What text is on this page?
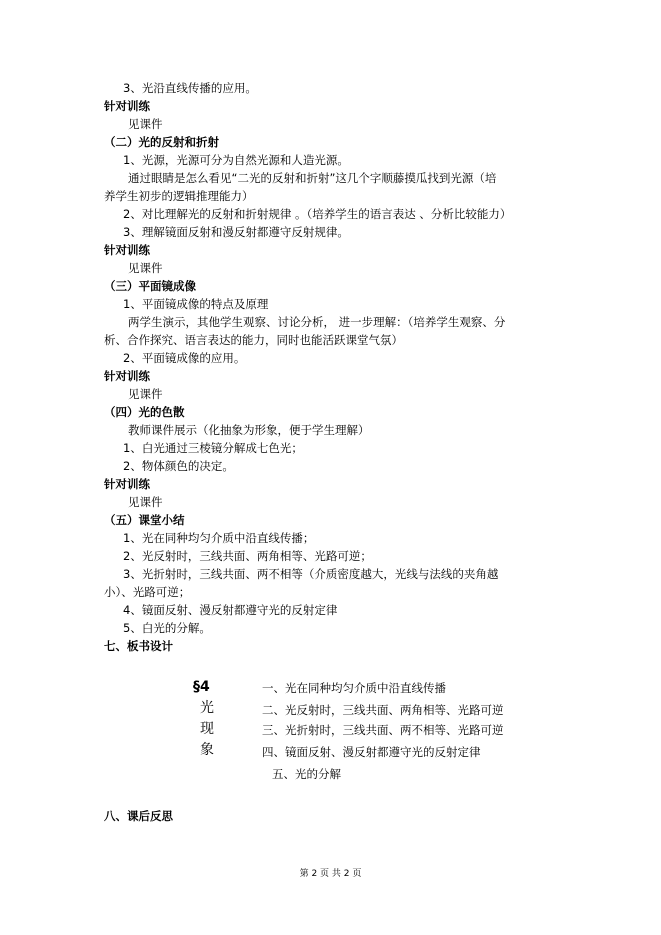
3、光沿直线传播的应用。
针对训练
见课件
（二）光的反射和折射
1、光源，光源可分为自然光源和人造光源。
通过眼睛是怎么看见“二光的反射和折射”这几个字顺藤摸瓜找到光源（培
养学生初步的逻辑推理能力）
2、对比理解光的反射和折射规律 。（培养学生的语言表达 、分析比较能力）
3、理解镜面反射和漫反射都遵守反射规律。
针对训练
见课件
（三）平面镜成像
1、平面镜成像的特点及原理
两学生演示，其他学生观察、讨论分析， 进一步理解：（培养学生观察、分
析、合作探究、语言表达的能力，同时也能活跃课堂气氛）
2、平面镜成像的应用。
针对训练
见课件
（四）光的色散
教师课件展示（化抽象为形象，便于学生理解）
1、白光通过三棱镜分解成七色光；
2、物体颜色的决定。
针对训练
见课件
（五）课堂小结
1、光在同种均匀介质中沿直线传播；
2、光反射时，三线共面、两角相等、光路可逆；
3、光折射时，三线共面、两不相等（介质密度越大，光线与法线的夹角越
小）、光路可逆；
4、镜面反射、漫反射都遵守光的反射定律
5、白光的分解。
七、板书设计
§4
光
现
象
一、光在同种均匀介质中沿直线传播
二、光反射时，三线共面、两角相等、光路可逆
三、光折射时，三线共面、两不相等、光路可逆
四、镜面反射、漫反射都遵守光的反射定律
五、光的分解
八、课后反思
第 2 页 共 2 页
